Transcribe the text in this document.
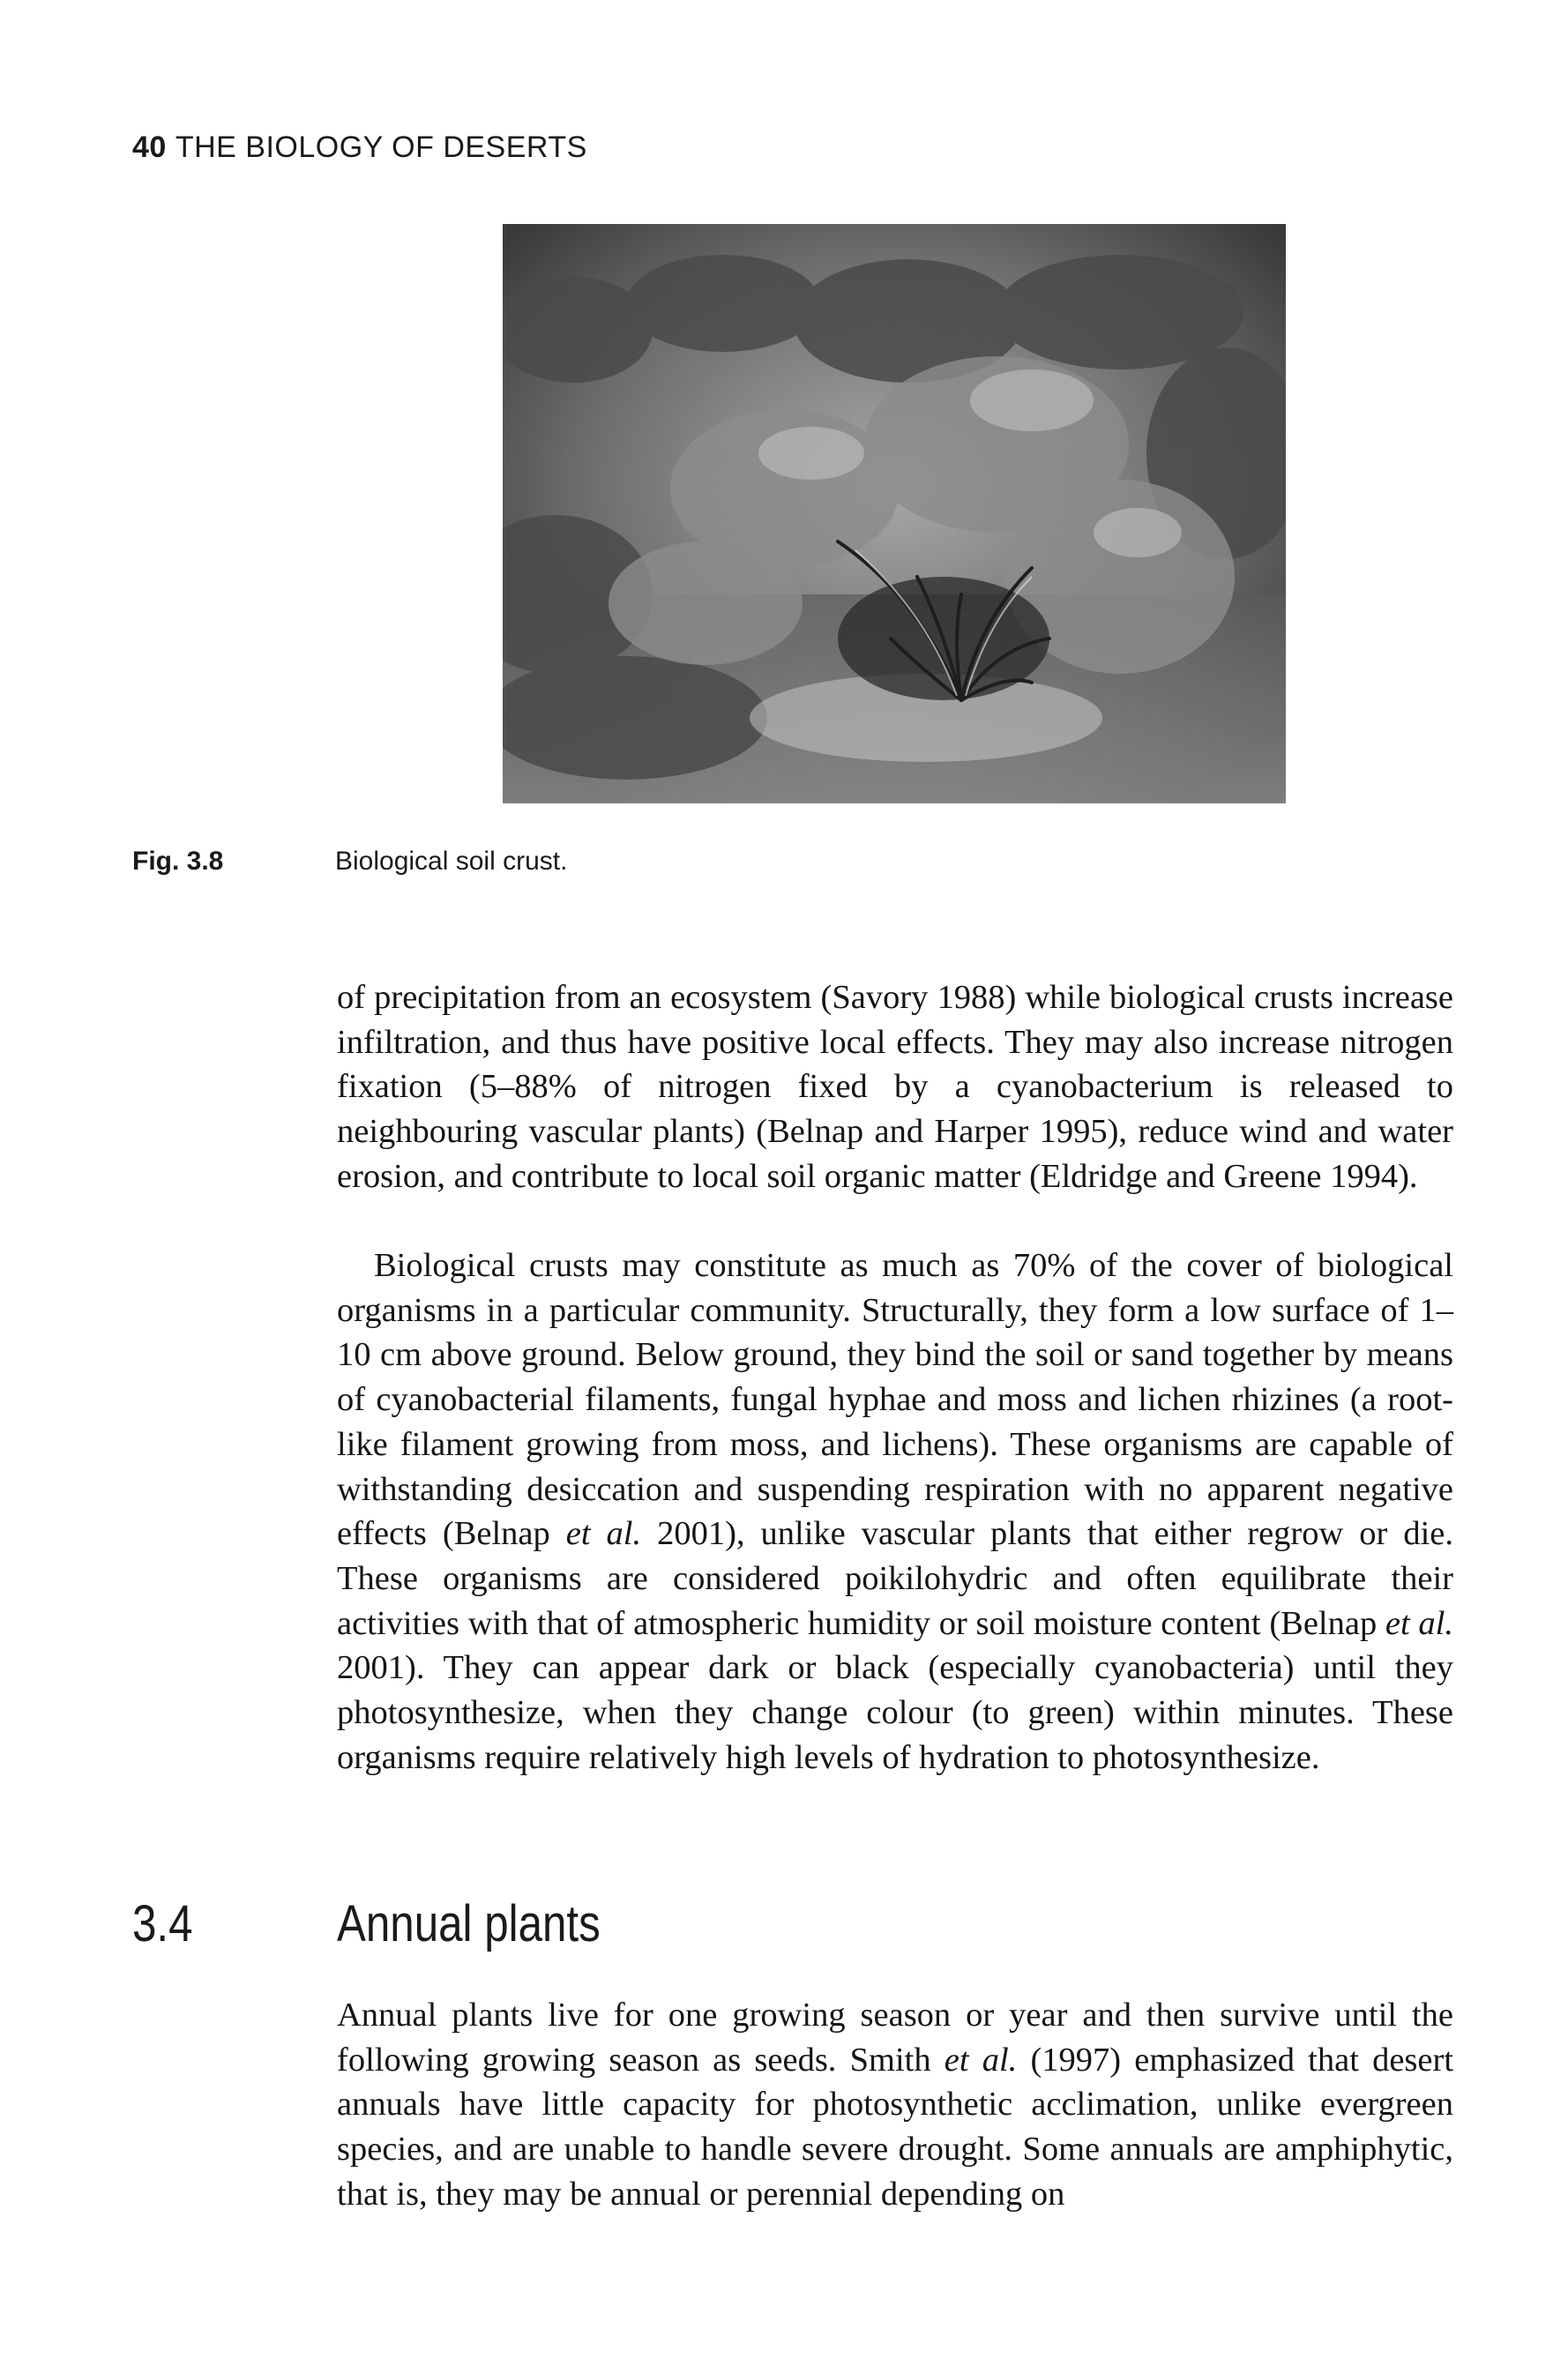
40 THE BIOLOGY OF DESERTS
Fig. 3.8	Biological soil crust.

of precipitation from an ecosystem (Savory 1988) while biological crusts increase infiltration, and thus have positive local effects. They may also increase nitrogen fixation (5–88% of nitrogen fixed by a cyanobacterium is released to neighbouring vascular plants) (Belnap and Harper 1995), reduce wind and water erosion, and contribute to local soil organic matter (Eldridge and Greene 1994).

Biological crusts may constitute as much as 70% of the cover of biological organisms in a particular community. Structurally, they form a low surface of 1–10 cm above ground. Below ground, they bind the soil or sand together by means of cyanobacterial filaments, fungal hyphae and moss and lichen rhizines (a root-like filament growing from moss, and lichens). These organisms are capable of withstanding desiccation and suspending respiration with no apparent negative effects (Belnap et al. 2001), unlike vascular plants that either regrow or die. These organisms are considered poikilohydric and often equilibrate their activities with that of atmospheric humidity or soil moisture content (Belnap et al. 2001). They can appear dark or black (especially cyanobacteria) until they photosynthesize, when they change colour (to green) within minutes. These organisms require relatively high levels of hydration to photosynthesize.

3.4	Annual plants

Annual plants live for one growing season or year and then survive until the following growing season as seeds. Smith et al. (1997) emphasized that desert annuals have little capacity for photosynthetic acclimation, unlike evergreen species, and are unable to handle severe drought. Some annuals are amphiphytic, that is, they may be annual or perennial depending on
